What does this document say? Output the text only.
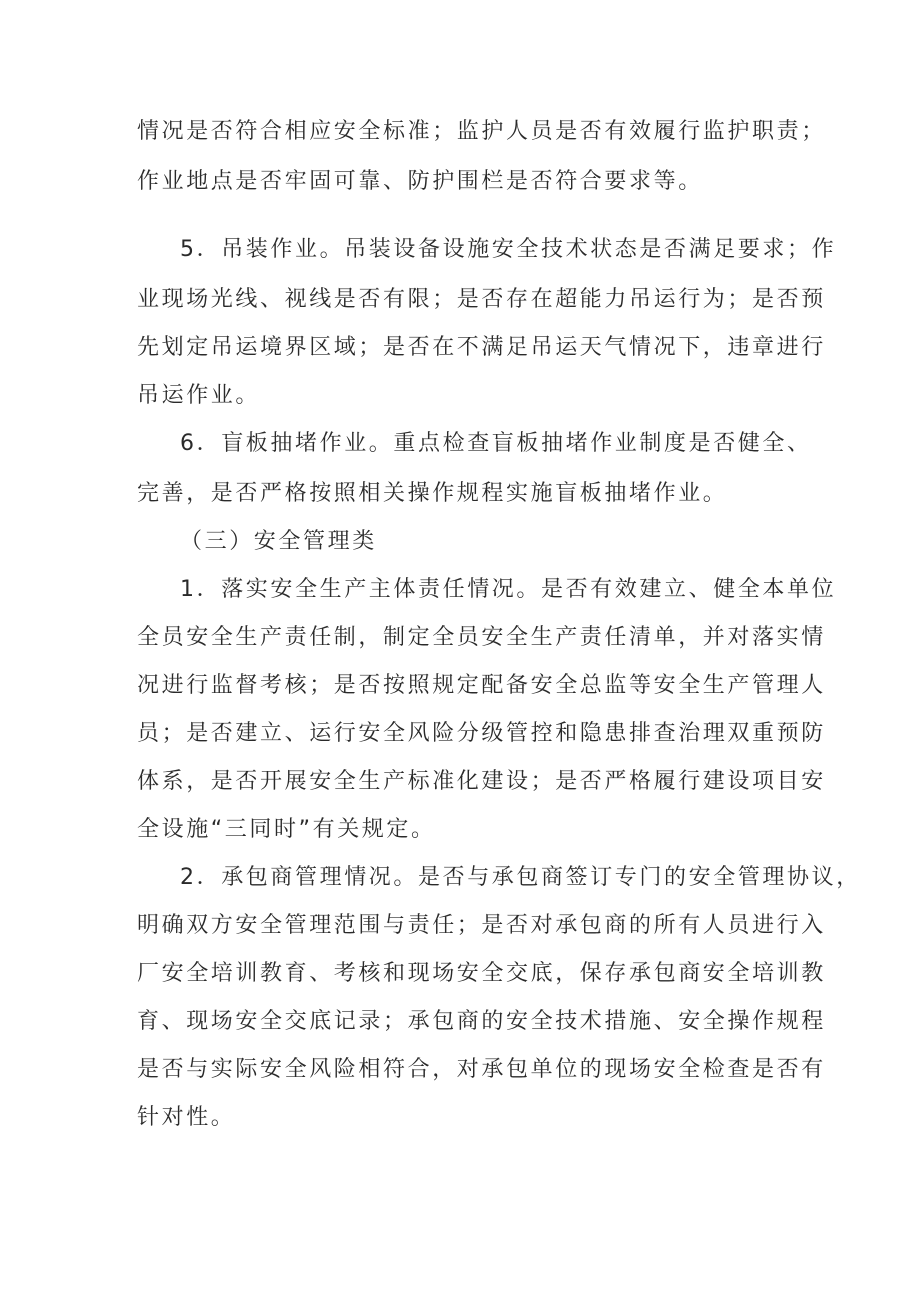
情况是否符合相应安全标准；监护人员是否有效履行监护职责；
作业地点是否牢固可靠、防护围栏是否符合要求等。
5．吊装作业。吊装设备设施安全技术状态是否满足要求；作
业现场光线、视线是否有限；是否存在超能力吊运行为；是否预
先划定吊运境界区域；是否在不满足吊运天气情况下，违章进行
吊运作业。
6．盲板抽堵作业。重点检查盲板抽堵作业制度是否健全、
完善，是否严格按照相关操作规程实施盲板抽堵作业。
（三）安全管理类
1．落实安全生产主体责任情况。是否有效建立、健全本单位
全员安全生产责任制，制定全员安全生产责任清单，并对落实情
况进行监督考核；是否按照规定配备安全总监等安全生产管理人
员；是否建立、运行安全风险分级管控和隐患排查治理双重预防
体系，是否开展安全生产标准化建设；是否严格履行建设项目安
全设施“三同时”有关规定。
2．承包商管理情况。是否与承包商签订专门的安全管理协议，
明确双方安全管理范围与责任；是否对承包商的所有人员进行入
厂安全培训教育、考核和现场安全交底，保存承包商安全培训教
育、现场安全交底记录；承包商的安全技术措施、安全操作规程
是否与实际安全风险相符合，对承包单位的现场安全检查是否有
针对性。
